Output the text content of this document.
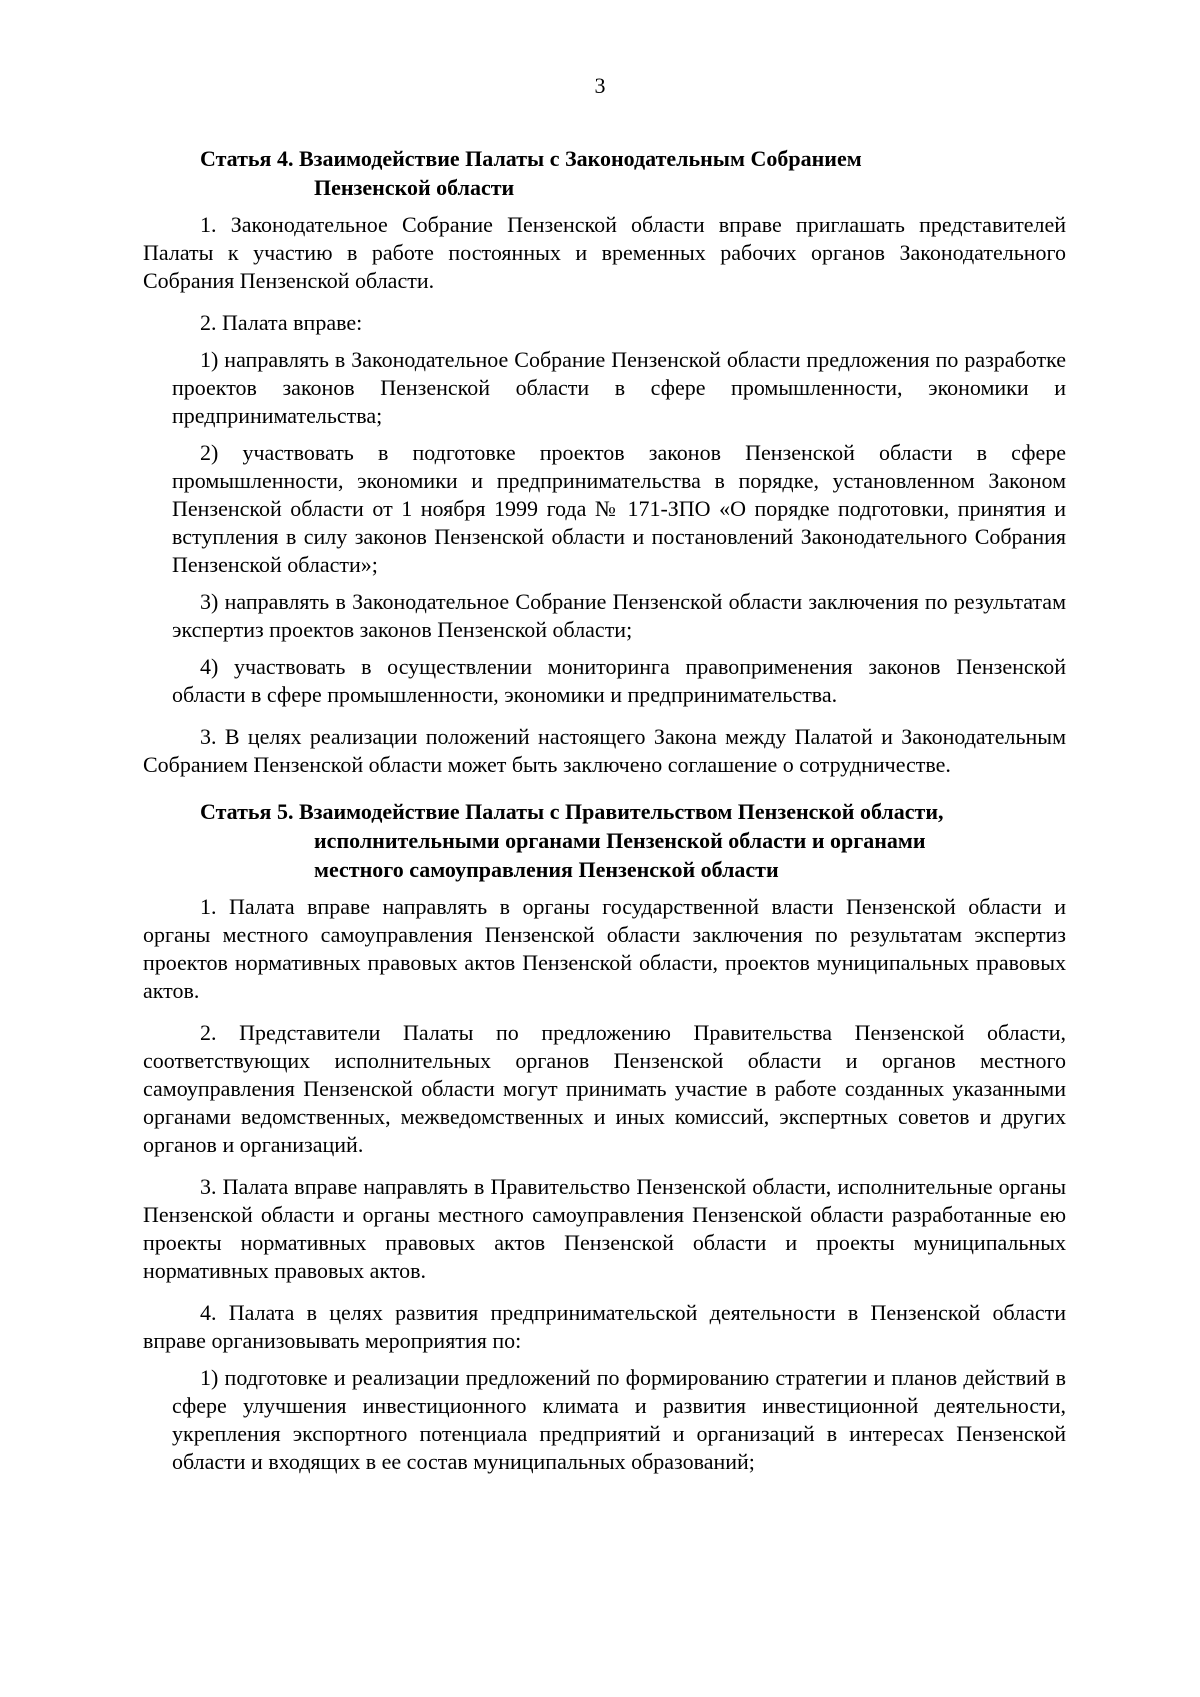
3
Статья 4. Взаимодействие Палаты с Законодательным Собранием
Пензенской области

1. Законодательное Собрание Пензенской области вправе приглашать представителей Палаты к участию в работе постоянных и временных рабочих органов Законодательного Собрания Пензенской области.

2. Палата вправе:

1) направлять в Законодательное Собрание Пензенской области предложения по разработке проектов законов Пензенской области в сфере промышленности, экономики и предпринимательства;

2) участвовать в подготовке проектов законов Пензенской области в сфере промышленности, экономики и предпринимательства в порядке, установленном Законом Пензенской области от 1 ноября 1999 года № 171-ЗПО «О порядке подготовки, принятия и вступления в силу законов Пензенской области и постановлений Законодательного Собрания Пензенской области»;

3) направлять в Законодательное Собрание Пензенской области заключения по результатам экспертиз проектов законов Пензенской области;

4) участвовать в осуществлении мониторинга правоприменения законов Пензенской области в сфере промышленности, экономики и предпринимательства.

3. В целях реализации положений настоящего Закона между Палатой и Законодательным Собранием Пензенской области может быть заключено соглашение о сотрудничестве.

Статья 5. Взаимодействие Палаты с Правительством Пензенской области,
исполнительными органами Пензенской области и органами
местного самоуправления Пензенской области

1. Палата вправе направлять в органы государственной власти Пензенской области и органы местного самоуправления Пензенской области заключения по результатам экспертиз проектов нормативных правовых актов Пензенской области, проектов муниципальных правовых актов.

2. Представители Палаты по предложению Правительства Пензенской области, соответствующих исполнительных органов Пензенской области и органов местного самоуправления Пензенской области могут принимать участие в работе созданных указанными органами ведомственных, межведомственных и иных комиссий, экспертных советов и других органов и организаций.

3. Палата вправе направлять в Правительство Пензенской области, исполнительные органы Пензенской области и органы местного самоуправления Пензенской области разработанные ею проекты нормативных правовых актов Пензенской области и проекты муниципальных нормативных правовых актов.

4. Палата в целях развития предпринимательской деятельности в Пензенской области вправе организовывать мероприятия по:

1) подготовке и реализации предложений по формированию стратегии и планов действий в сфере улучшения инвестиционного климата и развития инвестиционной деятельности, укрепления экспортного потенциала предприятий и организаций в интересах Пензенской области и входящих в ее состав муниципальных образований;
